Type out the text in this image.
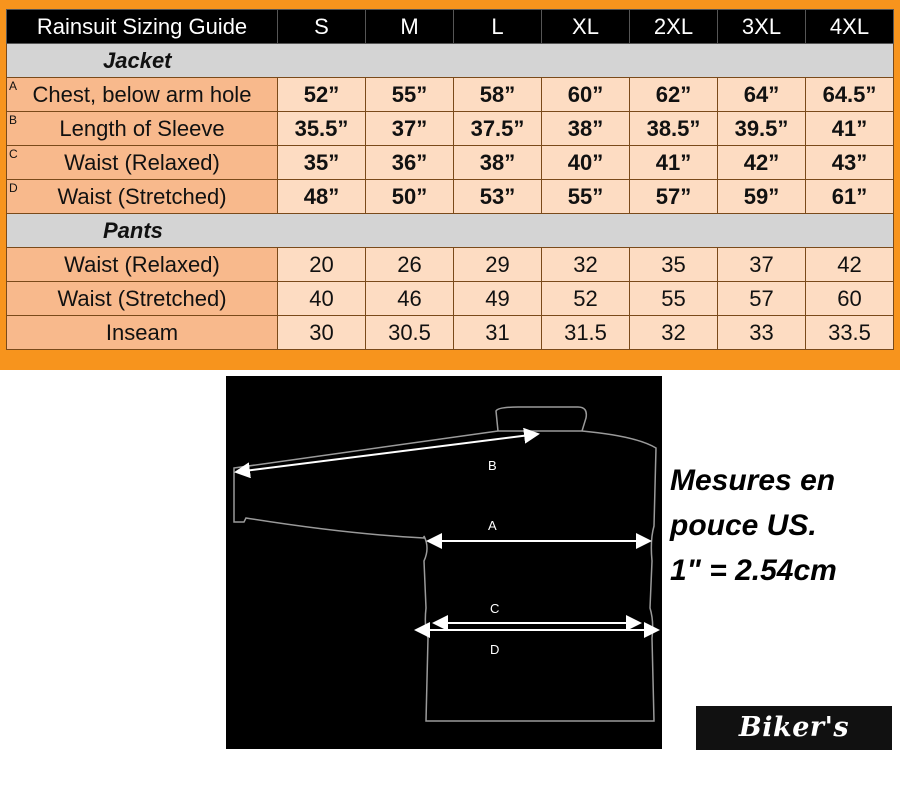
Rainsuit Sizing Guide	S	M	L	XL	2XL	3XL	4XL
Jacket							

A Chest, below arm hole	52”	55”	58”	60”	62”	64”	64.5”

B Length of Sleeve	35.5”	37”	37.5”	38”	38.5”	39.5”	41”

C Waist (Relaxed)	35”	36”	38”	40”	41”	42”	43”

D Waist (Stretched)	48”	50”	53”	55”	57”	59”	61”
Pants							
Waist (Relaxed)	20	26	29	32	35	37	42
Waist (Stretched)	40	46	49	52	55	57	60
Inseam	30	30.5	31	31.5	32	33	33.5
B
A
C
D
Mesures en
pouce US.
1" = 2.54cm
Biker's Store
